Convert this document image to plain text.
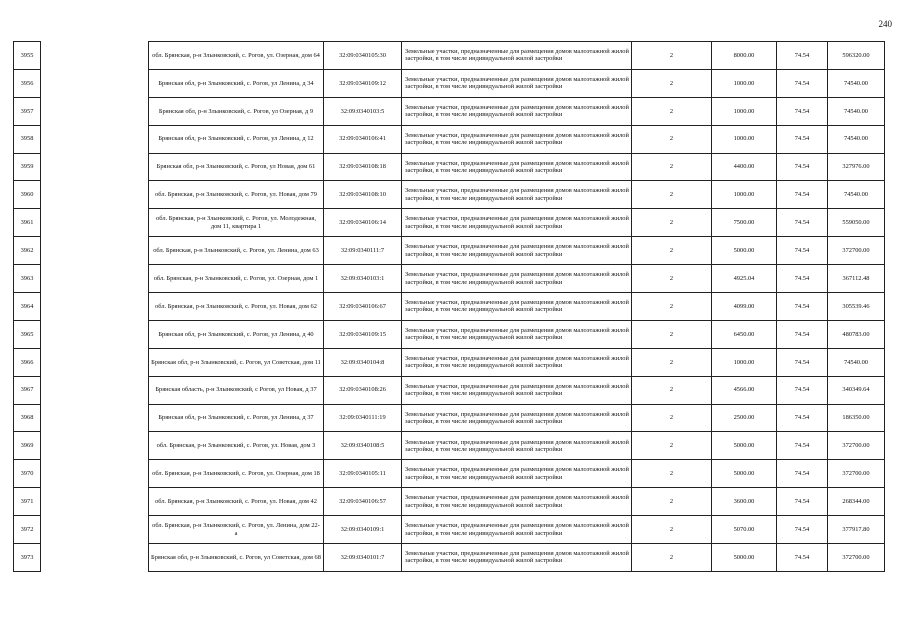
240
3955		обл. Брянская, р-н Злынковский, с. Рогов, ул. Озерная, дом 64	32:09:0340105:30	Земельные участки, предназначенные для размещения домов малоэтажной жилой застройки, в том числе индивидуальной жилой застройки	2	8000.00	74.54	596320.00
3956		Брянская обл, р-н Злынковский, с. Рогов, ул Ленина, д 34	32:09:0340109:12	Земельные участки, предназначенные для размещения домов малоэтажной жилой застройки, в том числе индивидуальной жилой застройки	2	1000.00	74.54	74540.00
3957		Брянская обл, р-н Злынковский, с. Рогов, ул Озерная, д 9	32:09:0340103:5	Земельные участки, предназначенные для размещения домов малоэтажной жилой застройки, в том числе индивидуальной жилой застройки	2	1000.00	74.54	74540.00
3958		Брянская обл, р-н Злынковский, с. Рогов, ул Ленина, д 12	32:09:0340106:41	Земельные участки, предназначенные для размещения домов малоэтажной жилой застройки, в том числе индивидуальной жилой застройки	2	1000.00	74.54	74540.00
3959		Брянская обл, р-н Злынковский, с. Рогов, ул Новая, дом 61	32:09:0340108:18	Земельные участки, предназначенные для размещения домов малоэтажной жилой застройки, в том числе индивидуальной жилой застройки	2	4400.00	74.54	327976.00
3960		обл. Брянская, р-н Злынковский, с. Рогов, ул. Новая, дом 79	32:09:0340108:10	Земельные участки, предназначенные для размещения домов малоэтажной жилой застройки, в том числе индивидуальной жилой застройки	2	1000.00	74.54	74540.00
3961		обл. Брянская, р-н Злынковский, с. Рогов, ул. Молодежная, дом 11, квартира 1	32:09:0340106:14	Земельные участки, предназначенные для размещения домов малоэтажной жилой застройки, в том числе индивидуальной жилой застройки	2	7500.00	74.54	559050.00
3962		обл. Брянская, р-н Злынковский, с. Рогов, ул. Ленина, дом 63	32:09:0340111:7	Земельные участки, предназначенные для размещения домов малоэтажной жилой застройки, в том числе индивидуальной жилой застройки	2	5000.00	74.54	372700.00
3963		обл. Брянская, р-н Злынковский, с. Рогов, ул. Озерная, дом 1	32:09:0340103:1	Земельные участки, предназначенные для размещения домов малоэтажной жилой застройки, в том числе индивидуальной жилой застройки	2	4925.04	74.54	367112.48
3964		обл. Брянская, р-н Злынковский, с. Рогов, ул. Новая, дом 62	32:09:0340106:67	Земельные участки, предназначенные для размещения домов малоэтажной жилой застройки, в том числе индивидуальной жилой застройки	2	4099.00	74.54	305539.46
3965		Брянская обл, р-н Злынковский, с. Рогов, ул Ленина, д 40	32:09:0340109:15	Земельные участки, предназначенные для размещения домов малоэтажной жилой застройки, в том числе индивидуальной жилой застройки	2	6450.00	74.54	480783.00
3966		Брянская обл, р-н Злынковский, с. Рогов, ул Советская, дом 11	32:09:0340104:8	Земельные участки, предназначенные для размещения домов малоэтажной жилой застройки, в том числе индивидуальной жилой застройки	2	1000.00	74.54	74540.00
3967		Брянская область, р-н Злынковский, с Рогов, ул Новая, д 37	32:09:0340108:26	Земельные участки, предназначенные для размещения домов малоэтажной жилой застройки, в том числе индивидуальной жилой застройки	2	4566.00	74.54	340349.64
3968		Брянская обл, р-н Злынковский, с. Рогов, ул Ленина, д 37	32:09:0340111:19	Земельные участки, предназначенные для размещения домов малоэтажной жилой застройки, в том числе индивидуальной жилой застройки	2	2500.00	74.54	186350.00
3969		обл. Брянская, р-н Злынковский, с. Рогов, ул. Новая, дом 3	32:09:0340108:5	Земельные участки, предназначенные для размещения домов малоэтажной жилой застройки, в том числе индивидуальной жилой застройки	2	5000.00	74.54	372700.00
3970		обл. Брянская, р-н Злынковский, с. Рогов, ул. Озерная, дом 18	32:09:0340105:11	Земельные участки, предназначенные для размещения домов малоэтажной жилой застройки, в том числе индивидуальной жилой застройки	2	5000.00	74.54	372700.00
3971		обл. Брянская, р-н Злынковский, с. Рогов, ул. Новая, дом 42	32:09:0340106:57	Земельные участки, предназначенные для размещения домов малоэтажной жилой застройки, в том числе индивидуальной жилой застройки	2	3600.00	74.54	268344.00
3972		обл. Брянская, р-н Злынковский, с. Рогов, ул. Ленина, дом 22-а	32:09:0340109:1	Земельные участки, предназначенные для размещения домов малоэтажной жилой застройки, в том числе индивидуальной жилой застройки	2	5070.00	74.54	377917.80
3973		Брянская обл, р-н Злынковский, с. Рогов, ул Советская, дом 68	32:09:0340101:7	Земельные участки, предназначенные для размещения домов малоэтажной жилой застройки, в том числе индивидуальной жилой застройки	2	5000.00	74.54	372700.00
